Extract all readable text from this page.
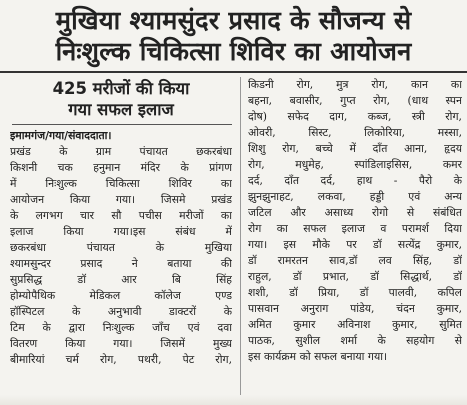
मुखिया श्यामसुंदर प्रसाद के सौजन्य से
निःशुल्क चिकित्सा शिविर का आयोजन
425 मरीजों की किया
गया सफल इलाज
इमामगंज/गया/संवाददाता।
प्रखंड के ग्राम पंचायत छकरबंधा
किशनी चक हनुमान मंदिर के प्रांगण
में निःशुल्क चिकित्सा शिविर का
आयोजन किया गया। जिसमे प्रखंड
के लगभग चार सौ पचीस मरीजों का
इलाज किया गया।इस संबंध में
छकरबंधा पंचायत के मुखिया
श्यामसुन्दर प्रसाद ने बताया की
सुप्रसिद्ध डॉ आर बि सिंह
होम्योपैथिक मेडिकल कॉलेज एण्ड
हॉस्पिटल के अनुभावी डाक्टरों के
टिम के द्वारा निःशुल्क जाँच एवं दवा
वितरण किया गया। जिसमें मुख्य
बीमारियां चर्म रोग, पथरी, पेट रोग,
किडनी रोग, मुत्र रोग, कान का
बहना, बवासीर, गुप्त रोग, (धाथ स्पन
दोष) सफेद दाग, कब्ज, स्त्री रोग,
ओवरी, सिस्ट, लिकोरिया, मस्सा,
शिशु रोग, बच्चे में दाँत आना, हृदय
रोग, मधुमेह, स्पांडिलाइसिस, कमर
दर्द, दाँत दर्द, हाथ - पैरो के
झुनझुनाहट, लकवा, हड्डी एवं अन्य
जटिल और असाध्य रोगो से संबंधित
रोग का सफल इलाज व परामर्श दिया
गया। इस मौके पर डॉ सत्येंद्र कुमार,
डॉ रामरतन साव,डॉ लव सिंह, डॉ
राहुल, डॉ प्रभात, डॉ सिद्धार्थ, डॉ
शशी, डॉ प्रिया, डॉ पालवी, कपिल
पासवान अनुराग पांडेय, चंदन कुमार,
अमित कुमार अविनाश कुमार, सुमित
पाठक, सुशील शर्मा के सहयोग से
इस कार्यक्रम को सफल बनाया गया।
